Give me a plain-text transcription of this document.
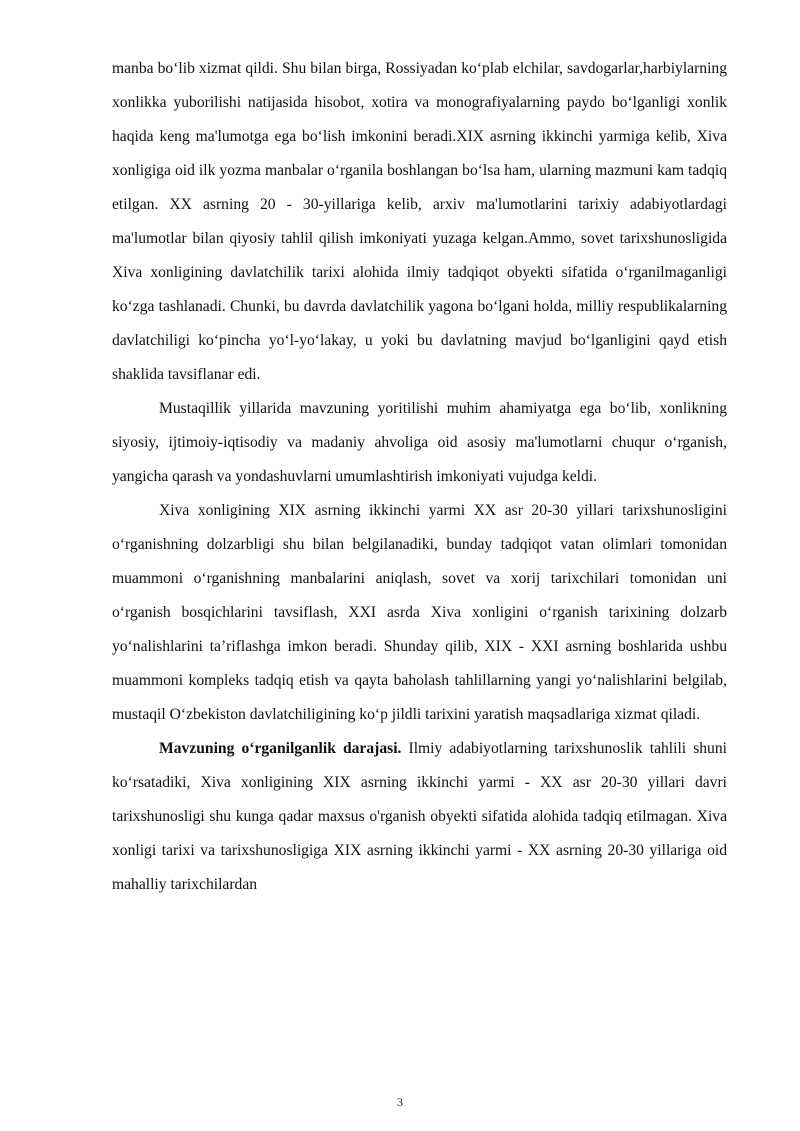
manba bo‘lib xizmat qildi. Shu bilan birga, Rossiyadan ko‘plab elchilar, savdogarlar,harbiylarning xonlikka yuborilishi natijasida hisobot, xotira va monografiyalarning paydo bo‘lganligi xonlik haqida keng ma'lumotga ega bo‘lish imkonini beradi.XIX asrning ikkinchi yarmiga kelib, Xiva xonligiga oid ilk yozma manbalar o‘rganila boshlangan bo‘lsa ham, ularning mazmuni kam tadqiq etilgan. XX asrning 20 - 30-yillariga kelib, arxiv ma'lumotlarini tarixiy adabiyotlardagi ma'lumotlar bilan qiyosiy tahlil qilish imkoniyati yuzaga kelgan.Ammo, sovet tarixshunosligida Xiva xonligining davlatchilik tarixi alohida ilmiy tadqiqot obyekti sifatida o‘rganilmaganligi ko‘zga tashlanadi. Chunki, bu davrda davlatchilik yagona bo‘lgani holda, milliy respublikalarning davlatchiligi ko‘pincha yo‘l-yo‘lakay, u yoki bu davlatning mavjud bo‘lganligini qayd etish shaklida tavsiflanar edi.

Mustaqillik yillarida mavzuning yoritilishi muhim ahamiyatga ega bo‘lib, xonlikning siyosiy, ijtimoiy-iqtisodiy va madaniy ahvoliga oid asosiy ma'lumotlarni chuqur o‘rganish, yangicha qarash va yondashuvlarni umumlashtirish imkoniyati vujudga keldi.

Xiva xonligining XIX asrning ikkinchi yarmi XX asr 20-30 yillari tarixshunosligini o‘rganishning dolzarbligi shu bilan belgilanadiki, bunday tadqiqot vatan olimlari tomonidan muammoni o‘rganishning manbalarini aniqlash, sovet va xorij tarixchilari tomonidan uni o‘rganish bosqichlarini tavsiflash, XXI asrda Xiva xonligini o‘rganish tarixining dolzarb yo‘nalishlarini ta’riflashga imkon beradi. Shunday qilib, XIX - XXI asrning boshlarida ushbu muammoni kompleks tadqiq etish va qayta baholash tahlillarning yangi yo‘nalishlarini belgilab, mustaqil O‘zbekiston davlatchiligining ko‘p jildli tarixini yaratish maqsadlariga xizmat qiladi.

Mavzuning o‘rganilganlik darajasi. Ilmiy adabiyotlarning tarixshunoslik tahlili shuni ko‘rsatadiki, Xiva xonligining XIX asrning ikkinchi yarmi - XX asr 20-30 yillari davri tarixshunosligi shu kunga qadar maxsus o'rganish obyekti sifatida alohida tadqiq etilmagan. Xiva xonligi tarixi va tarixshunosligiga XIX asrning ikkinchi yarmi - XX asrning 20-30 yillariga oid mahalliy tarixchilardan

3
